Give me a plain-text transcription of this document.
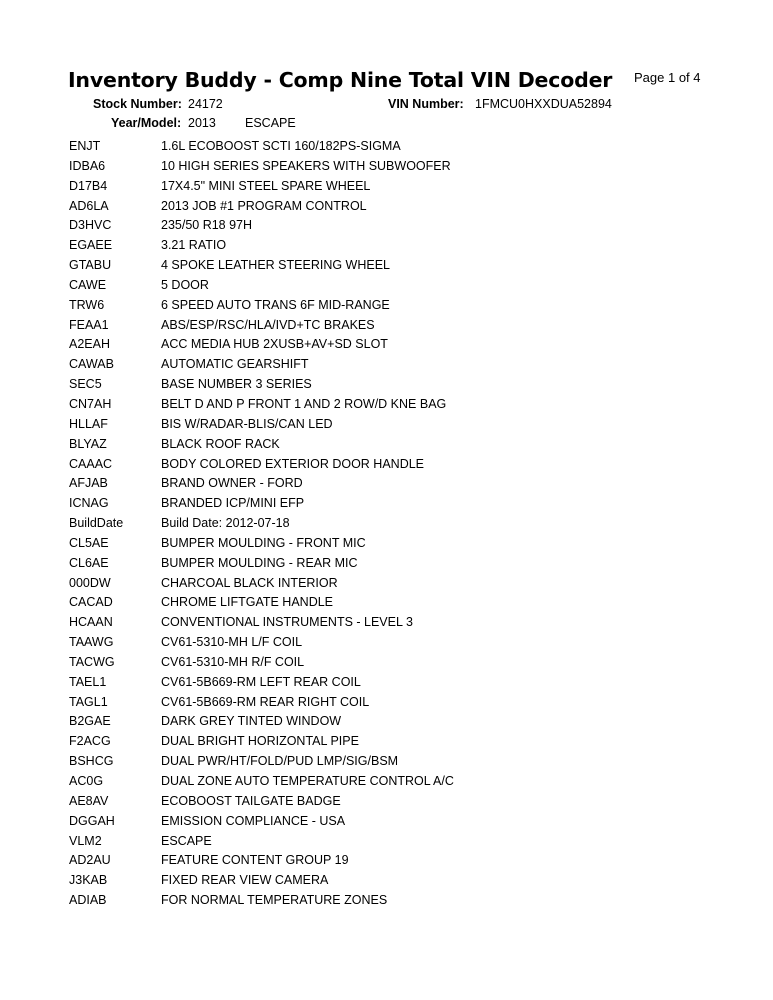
Inventory Buddy - Comp Nine Total VIN Decoder Page 1 of 4
Stock Number: 24172	VIN Number: 1FMCU0HXXDUA52894
Year/Model: 2013 ESCAPE
ENJT	1.6L ECOBOOST SCTI 160/182PS-SIGMA
IDBA6	10 HIGH SERIES SPEAKERS WITH SUBWOOFER
D17B4	17X4.5" MINI STEEL SPARE WHEEL
AD6LA	2013 JOB #1 PROGRAM CONTROL
D3HVC	235/50 R18 97H
EGAEE	3.21 RATIO
GTABU	4 SPOKE LEATHER STEERING WHEEL
CAWE	5 DOOR
TRW6	6 SPEED AUTO TRANS 6F MID-RANGE
FEAA1	ABS/ESP/RSC/HLA/IVD+TC BRAKES
A2EAH	ACC MEDIA HUB 2XUSB+AV+SD SLOT
CAWAB	AUTOMATIC GEARSHIFT
SEC5	BASE NUMBER 3 SERIES
CN7AH	BELT D AND P FRONT 1 AND 2 ROW/D KNE BAG
HLLAF	BIS W/RADAR-BLIS/CAN LED
BLYAZ	BLACK ROOF RACK
CAAAC	BODY COLORED EXTERIOR DOOR HANDLE
AFJAB	BRAND OWNER - FORD
ICNAG	BRANDED ICP/MINI EFP
BuildDate	Build Date: 2012-07-18
CL5AE	BUMPER MOULDING - FRONT MIC
CL6AE	BUMPER MOULDING - REAR MIC
000DW	CHARCOAL BLACK INTERIOR
CACAD	CHROME LIFTGATE HANDLE
HCAAN	CONVENTIONAL INSTRUMENTS - LEVEL 3
TAAWG	CV61-5310-MH L/F COIL
TACWG	CV61-5310-MH R/F COIL
TAEL1	CV61-5B669-RM LEFT REAR COIL
TAGL1	CV61-5B669-RM REAR RIGHT COIL
B2GAE	DARK GREY TINTED WINDOW
F2ACG	DUAL BRIGHT HORIZONTAL PIPE
BSHCG	DUAL PWR/HT/FOLD/PUD LMP/SIG/BSM
AC0G	DUAL ZONE AUTO TEMPERATURE CONTROL A/C
AE8AV	ECOBOOST TAILGATE BADGE
DGGAH	EMISSION COMPLIANCE - USA
VLM2	ESCAPE
AD2AU	FEATURE CONTENT GROUP 19
J3KAB	FIXED REAR VIEW CAMERA
ADIAB	FOR NORMAL TEMPERATURE ZONES
